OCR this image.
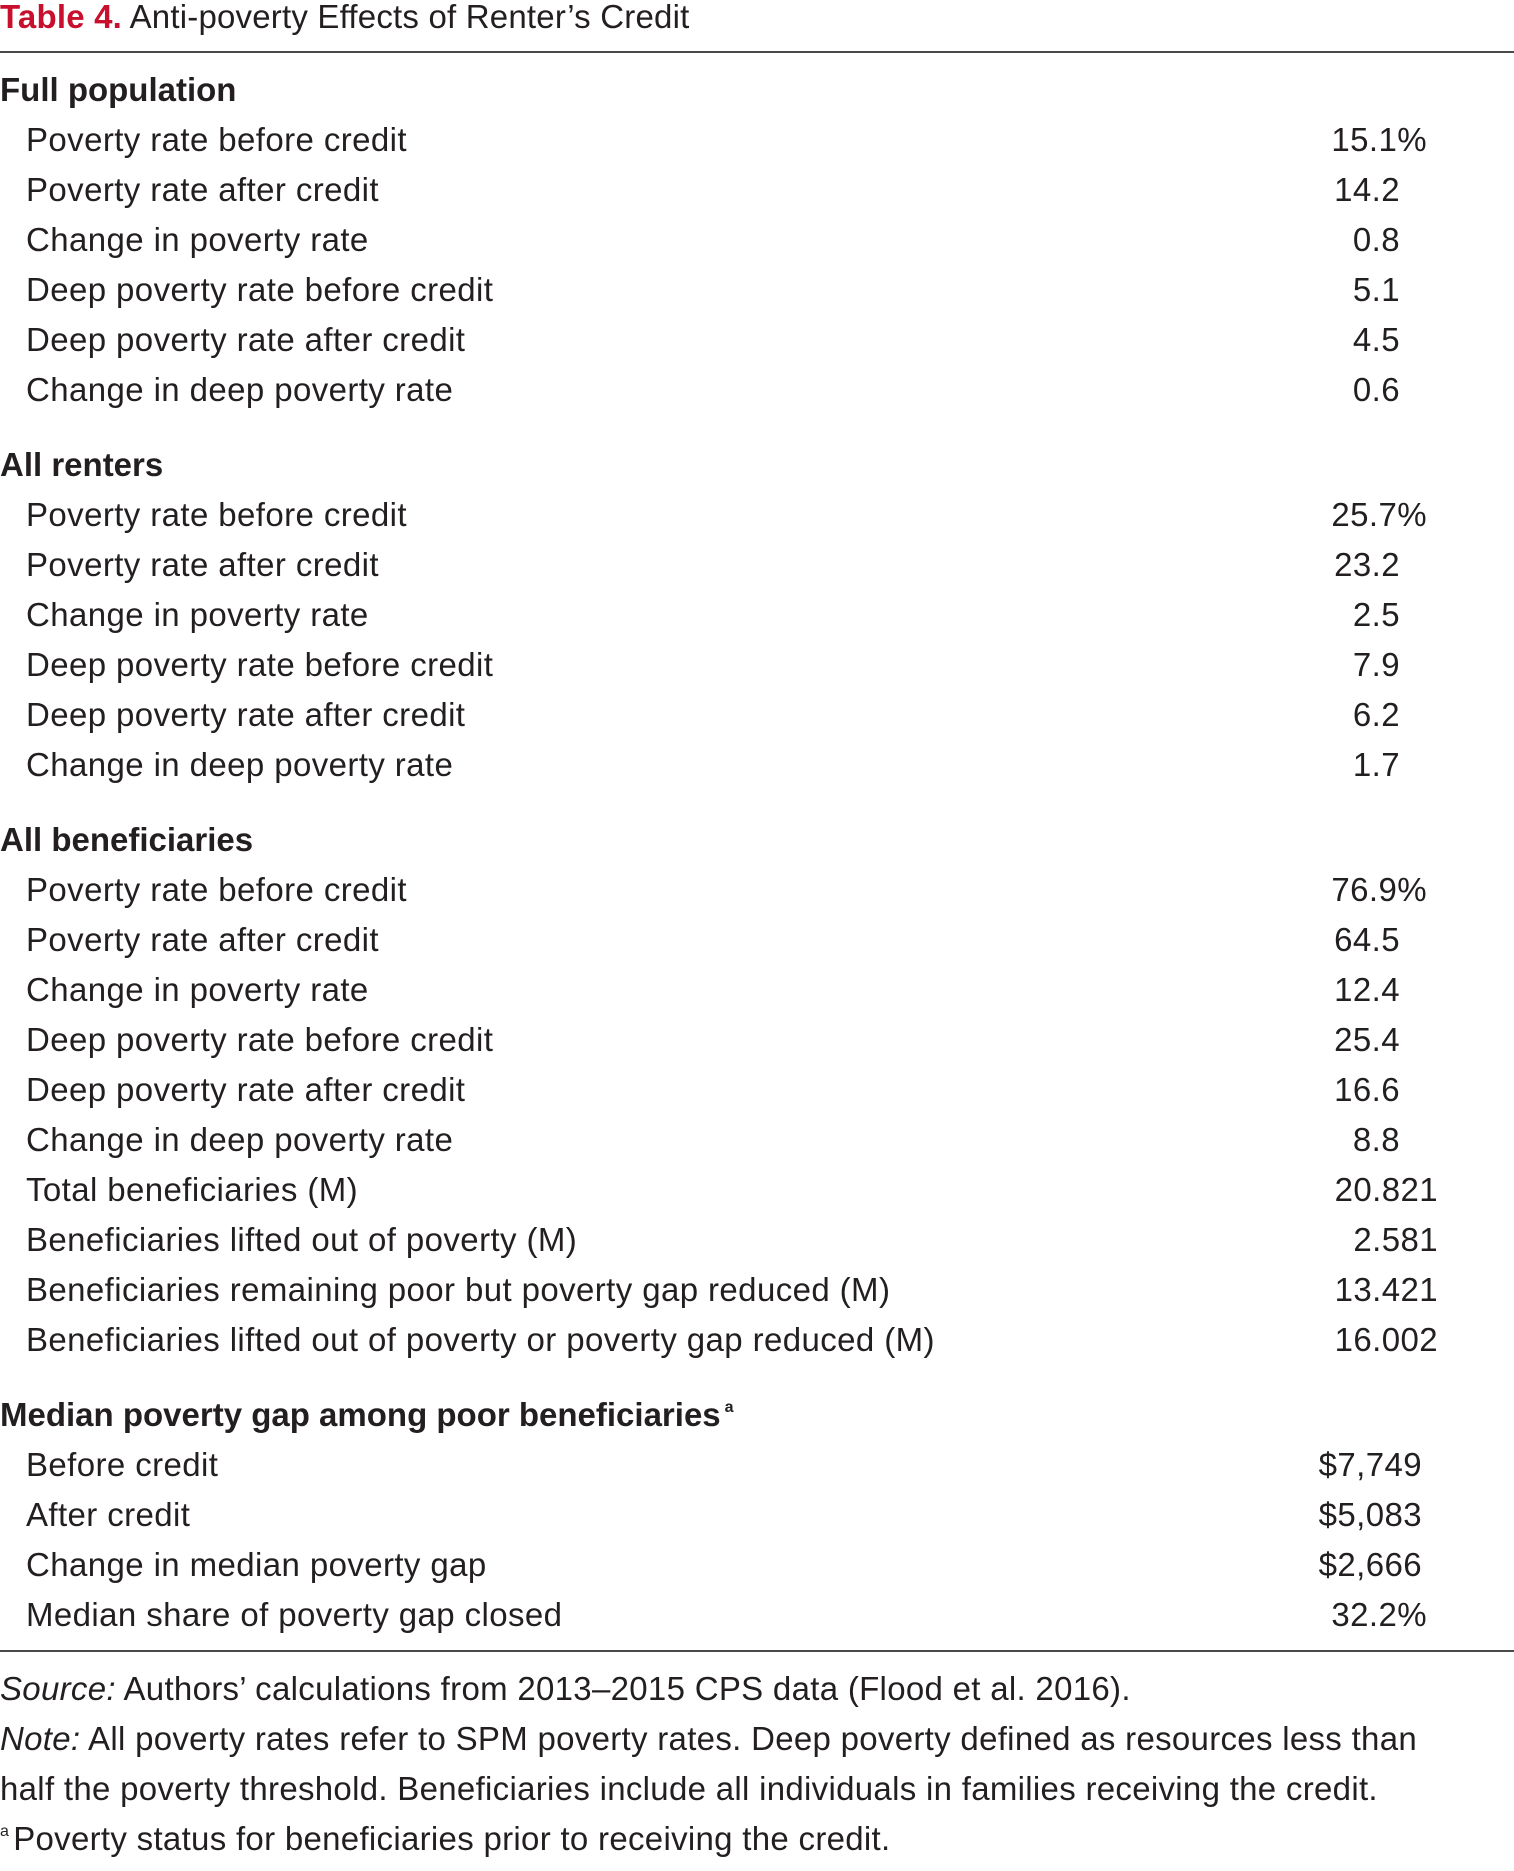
Table 4. Anti-poverty Effects of Renter’s Credit
Full population
Poverty rate before credit	15.1%
Poverty rate after credit	14.2
Change in poverty rate	0.8
Deep poverty rate before credit	5.1
Deep poverty rate after credit	4.5
Change in deep poverty rate	0.6
All renters
Poverty rate before credit	25.7%
Poverty rate after credit	23.2
Change in poverty rate	2.5
Deep poverty rate before credit	7.9
Deep poverty rate after credit	6.2
Change in deep poverty rate	1.7
All beneficiaries
Poverty rate before credit	76.9%
Poverty rate after credit	64.5
Change in poverty rate	12.4
Deep poverty rate before credit	25.4
Deep poverty rate after credit	16.6
Change in deep poverty rate	8.8
Total beneficiaries (M)	20.821
Beneficiaries lifted out of poverty (M)	2.581
Beneficiaries remaining poor but poverty gap reduced (M)	13.421
Beneficiaries lifted out of poverty or poverty gap reduced (M)	16.002
Median poverty gap among poor beneficiaries $^a$
Before credit	$7,749
After credit	$5,083
Change in median poverty gap	$2,666
Median share of poverty gap closed	32.2%
Source: Authors’ calculations from 2013–2015 CPS data (Flood et al. 2016).
Note: All poverty rates refer to SPM poverty rates. Deep poverty defined as resources less than
half the poverty threshold. Beneficiaries include all individuals in families receiving the credit.
$^a$ Poverty status for beneficiaries prior to receiving the credit.
